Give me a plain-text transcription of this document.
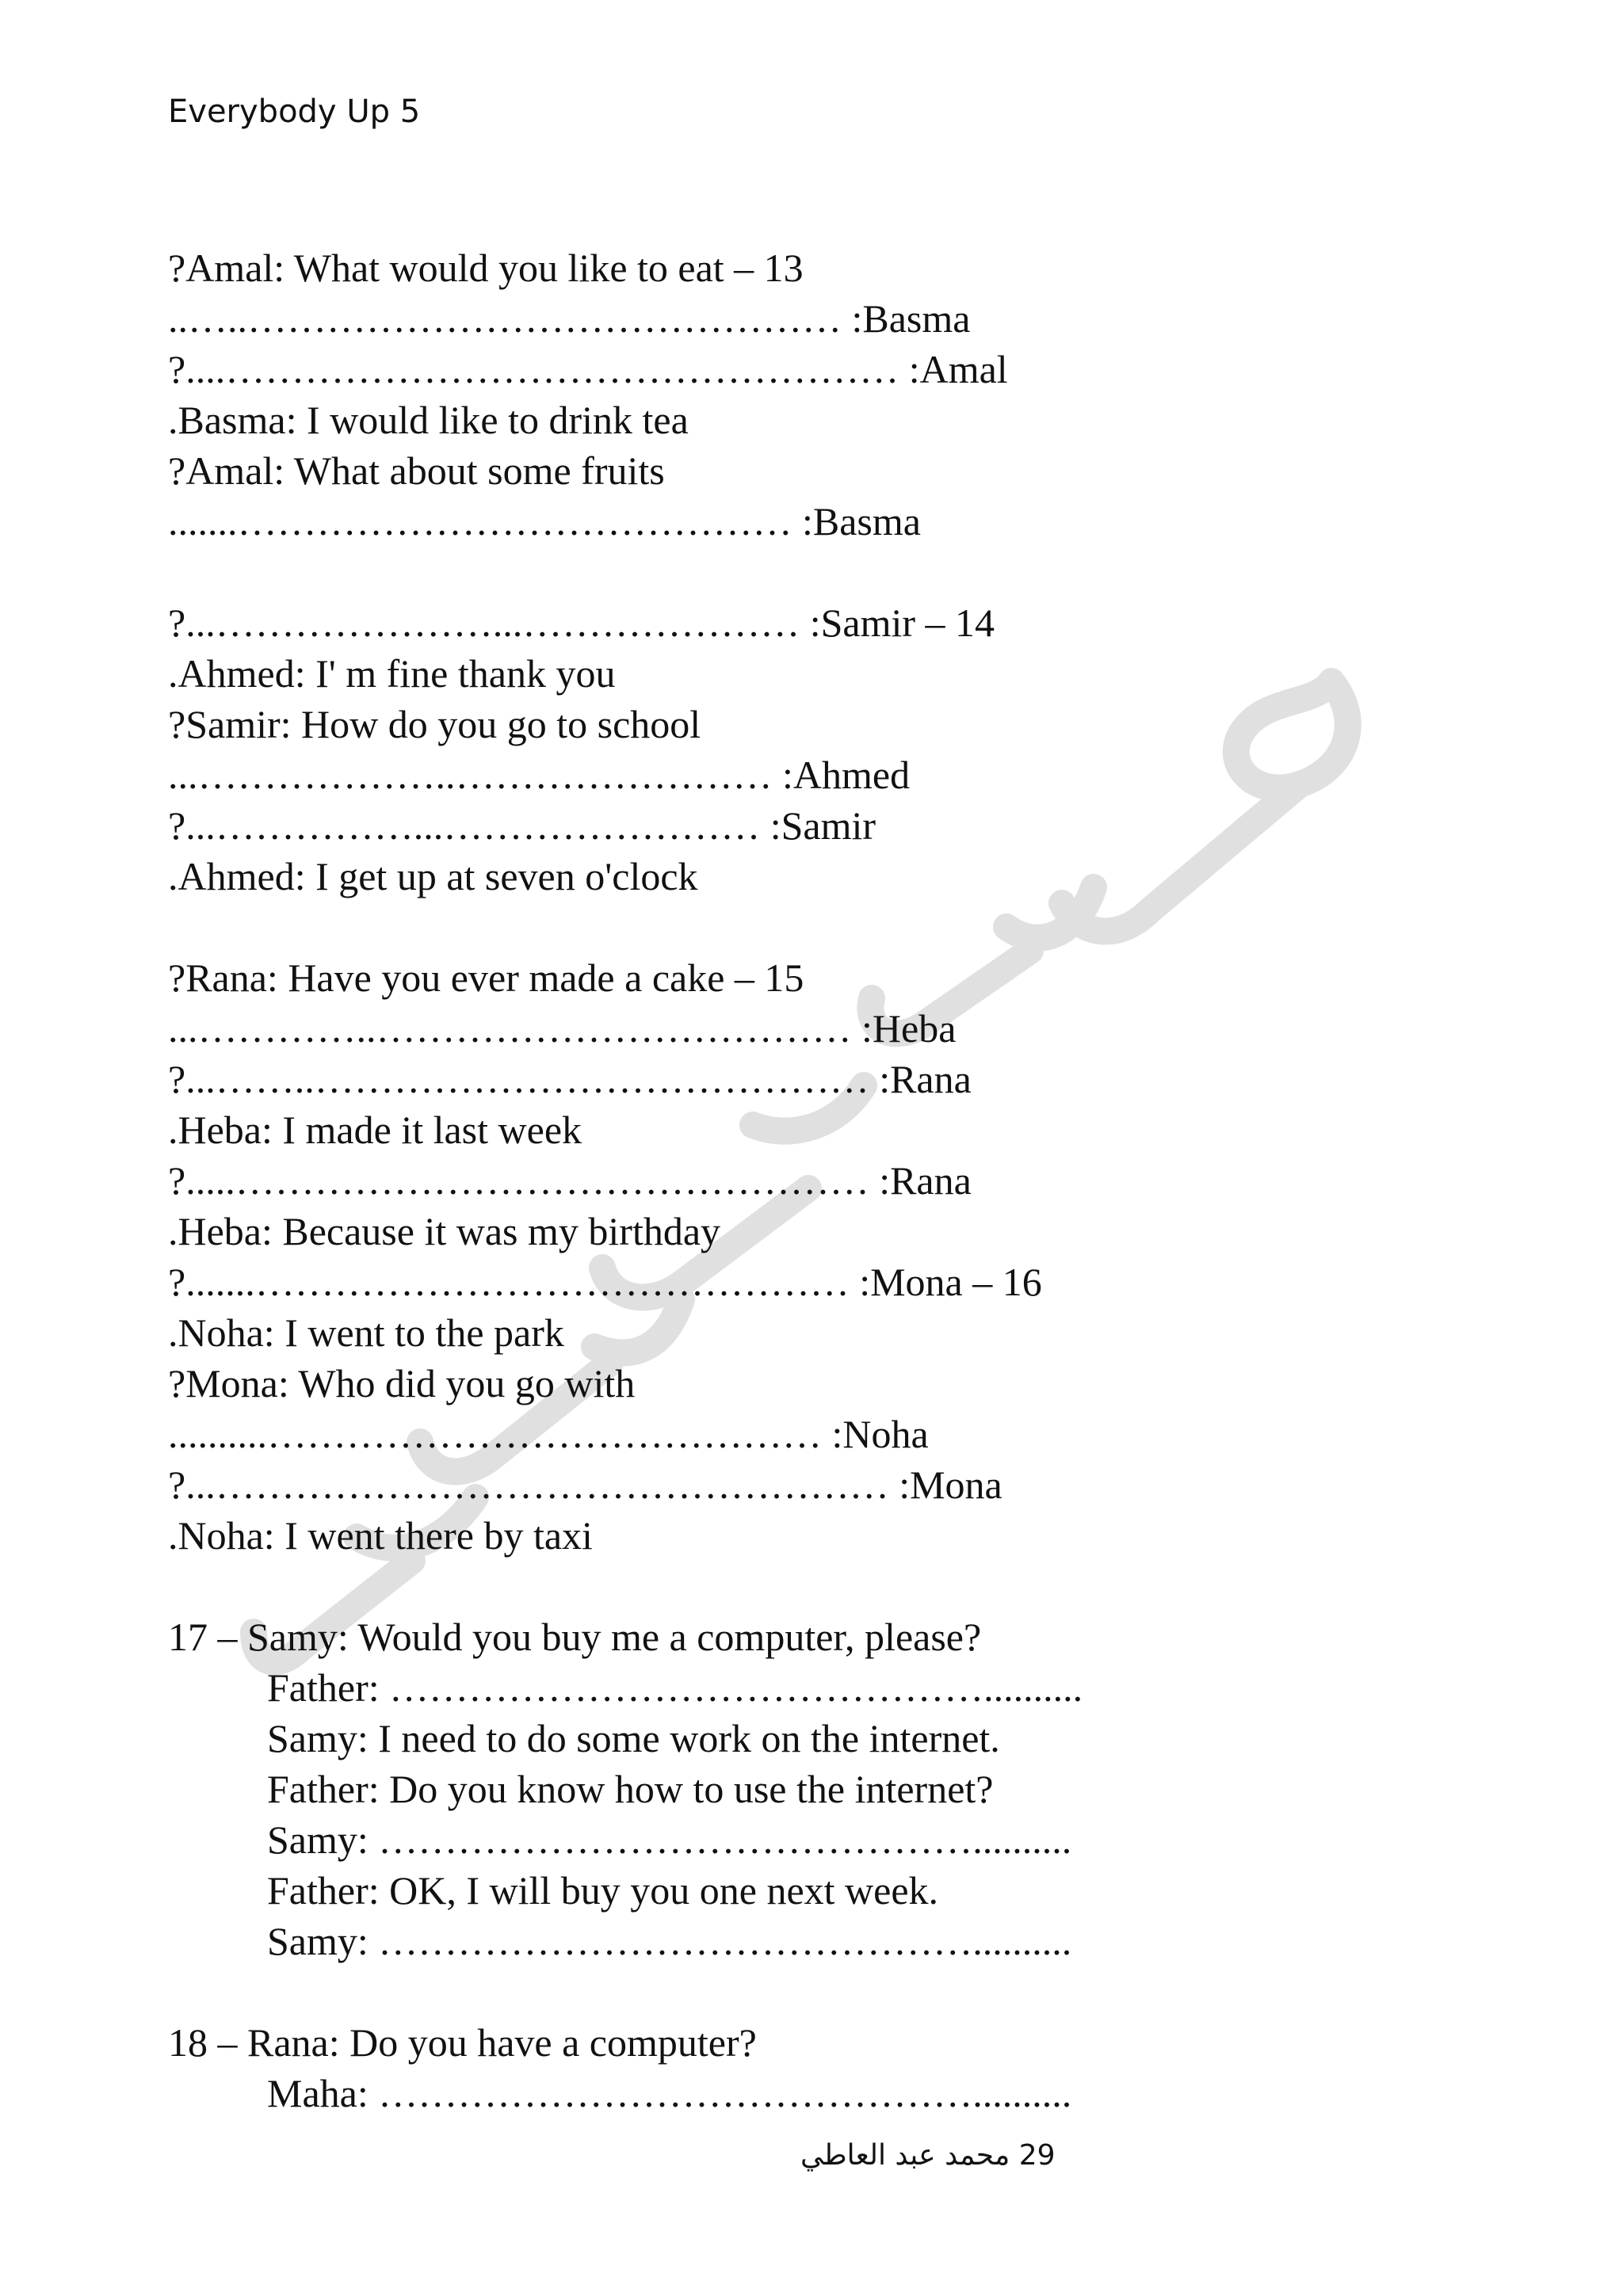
Everybody Up 5
?Amal: What would you like to eat – 13
..…..……………………………………… :Basma
?....…………………………………………… :Amal
.Basma: I would like to drink tea
?Amal: What about some fruits
.......…………………………………… :Basma
?...…………………...………………… :Samir – 14
.Ahmed: I' m fine thank you
?Samir: How do you go to school
...………………..…………………… :Ahmed
?...……………...…………………… :Samir
.Ahmed: I get up at seven o'clock
?Rana: Have you ever made a cake – 15
...…………..……………………………… :Heba
?...……..…………………………………… :Rana
.Heba: I made it last week
?.....………………………………………… :Rana
.Heba: Because it was my birthday
?.......……………………………………… :Mona – 16
.Noha: I went to the park
?Mona: Who did you go with
..........…………………………………… :Noha
?...…………………………………………… :Mona
.Noha: I went there by taxi
17 – Samy: Would you buy me a computer, please?
Father: ………………………………………..........
Samy: I need to do some work on the internet.
Father: Do you know how to use the internet?
Samy: ………………………………………..........
Father: OK, I will buy you one next week.
Samy: ………………………………………..........
18 – Rana: Do you have a computer?
Maha: ………………………………………..........
29 محمد عبد العاطي
